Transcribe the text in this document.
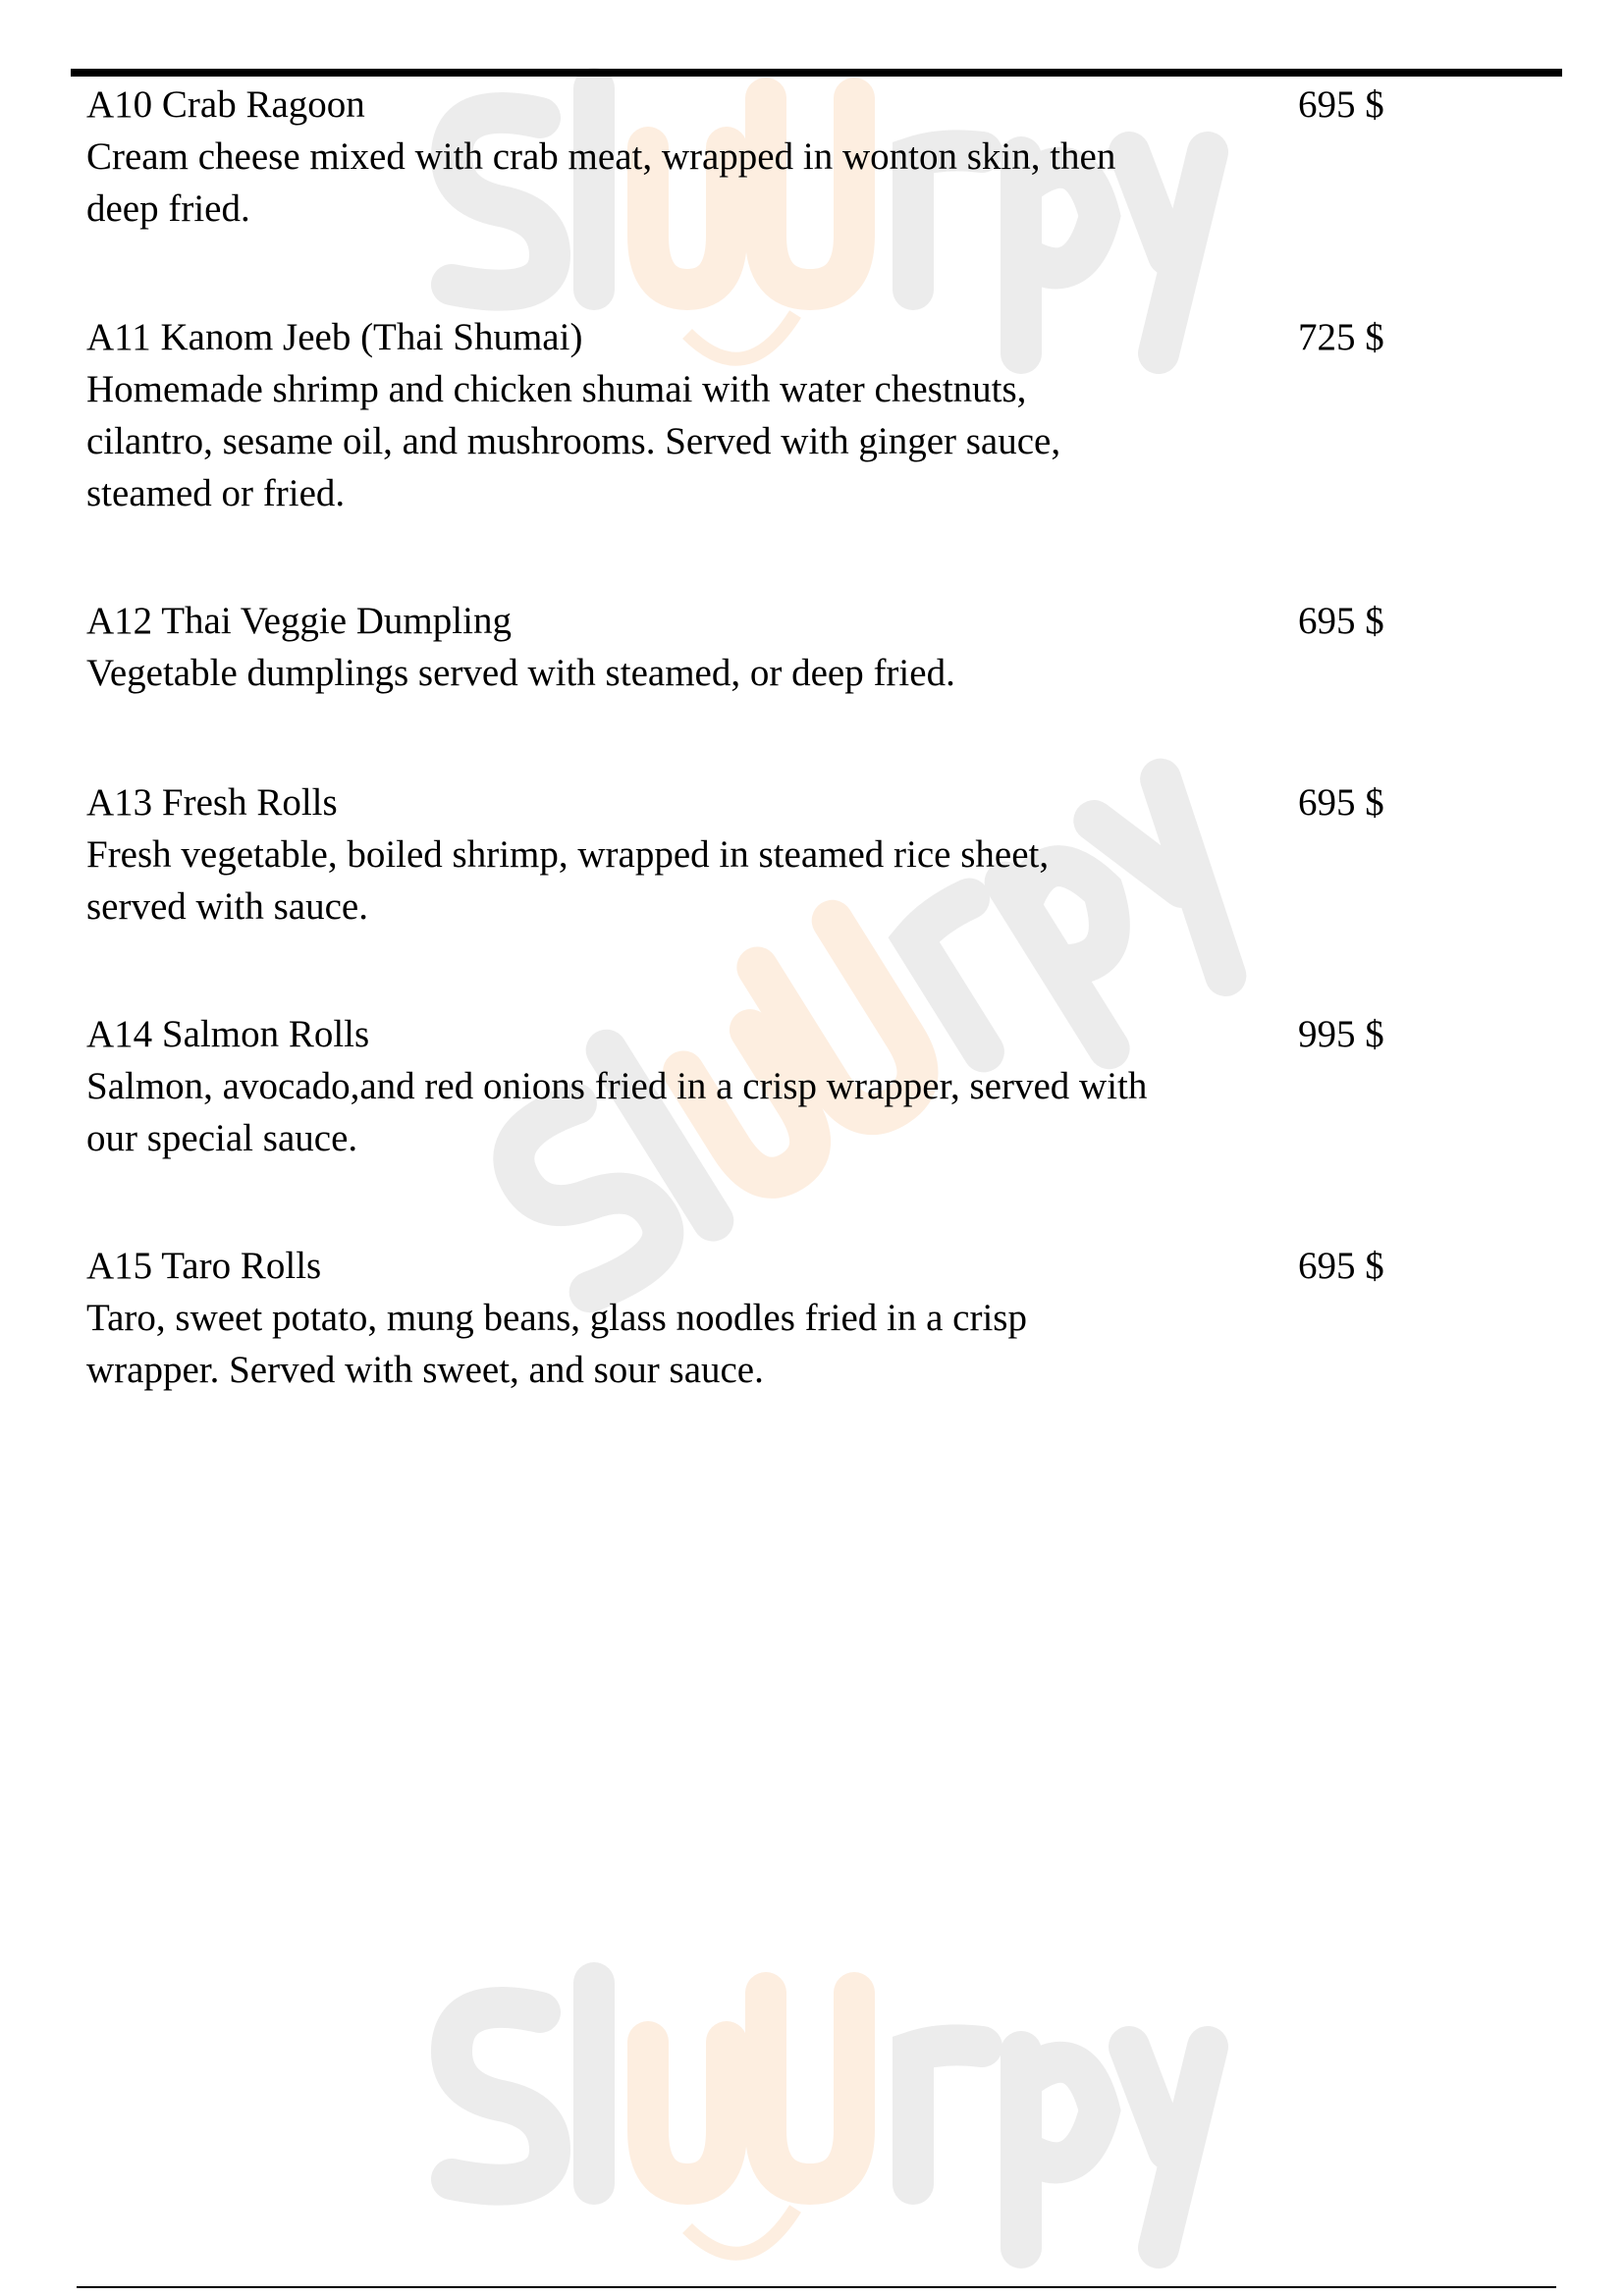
A10 Crab Ragoon
Cream cheese mixed with crab meat, wrapped in wonton skin, then
deep fried.
695 $
A11 Kanom Jeeb (Thai Shumai)
Homemade shrimp and chicken shumai with water chestnuts,
cilantro, sesame oil, and mushrooms. Served with ginger sauce,
steamed or fried.
725 $
A12 Thai Veggie Dumpling
Vegetable dumplings served with steamed, or deep fried.
695 $
A13 Fresh Rolls
Fresh vegetable, boiled shrimp, wrapped in steamed rice sheet,
served with sauce.
695 $
A14 Salmon Rolls
Salmon, avocado,and red onions fried in a crisp wrapper, served with
our special sauce.
995 $
A15 Taro Rolls
Taro, sweet potato, mung beans, glass noodles fried in a crisp
wrapper. Served with sweet, and sour sauce.
695 $
